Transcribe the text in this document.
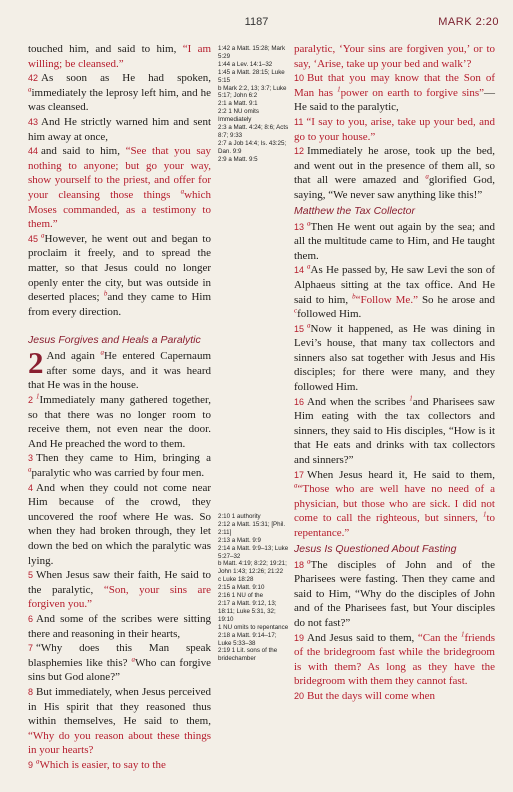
1187	MARK 2:20

touched him, and said to him, “I am willing; be cleansed.”

42 As soon as He had spoken, $^a$immediately the leprosy left him, and he was cleansed.

43 And He strictly warned him and sent him away at once,

44 and said to him, “See that you say nothing to anyone; but go your way, show yourself to the priest, and offer for your cleansing those things $^a$which Moses commanded, as a testimony to them.”

45 $^a$However, he went out and began to proclaim it freely, and to spread the matter, so that Jesus could no longer openly enter the city, but was outside in deserted places; $^b$and they came to Him from every direction.

Jesus Forgives and Heals a Paralytic

2 And again $^a$He entered Capernaum after some days, and it was heard that He was in the house.

2 $^1$Immediately many gathered together, so that there was no longer room to receive them, not even near the door. And He preached the word to them.

3 Then they came to Him, bringing a $^a$paralytic who was carried by four men.

4 And when they could not come near Him because of the crowd, they uncovered the roof where He was. So when they had broken through, they let down the bed on which the paralytic was lying.

5 When Jesus saw their faith, He said to the paralytic, “Son, your sins are forgiven you.”

6 And some of the scribes were sitting there and reasoning in their hearts,

7 “Why does this Man speak blasphemies like this? $^a$Who can forgive sins but God alone?”

8 But immediately, when Jesus perceived in His spirit that they reasoned thus within themselves, He said to them, “Why do you reason about these things in your hearts?

9 $^a$Which is easier, to say to the

1:42 a Matt. 15:28; Mark 5:29

1:44 a Lev. 14:1–32

1:45 a Matt. 28:15; Luke 5:15

b Mark 2:2, 13; 3:7; Luke 5:17; John 6:2

2:1 a Matt. 9:1

2:2 1 NU omits Immediately

2:3 a Matt. 4:24; 8:6; Acts 8:7; 9:33

2:7 a Job 14:4; Is. 43:25; Dan. 9:9

2:9 a Matt. 9:5

2:10 1 authority

2:12 a Matt. 15:31; [Phil. 2:11]

2:13 a Matt. 9:9

2:14 a Matt. 9:9–13; Luke 5:27–32

b Matt. 4:19; 8:22; 19:21; John 1:43; 12:26; 21:22

c Luke 18:28

2:15 a Matt. 9:10

2:16 1 NU of the

2:17 a Matt. 9:12, 13; 18:11; Luke 5:31, 32; 19:10

1 NU omits to repentance

2:18 a Matt. 9:14–17; Luke 5:33–38

2:19 1 Lit. sons of the bridechamber

paralytic, ‘Your sins are forgiven you,’ or to say, ‘Arise, take up your bed and walk’?

10 But that you may know that the Son of Man has $^1$power on earth to forgive sins”—He said to the paralytic,

11 “I say to you, arise, take up your bed, and go to your house.”

12 Immediately he arose, took up the bed, and went out in the presence of them all, so that all were amazed and $^a$glorified God, saying, “We never saw anything like this!”

Matthew the Tax Collector

13 $^a$Then He went out again by the sea; and all the multitude came to Him, and He taught them.

14 $^a$As He passed by, He saw Levi the son of Alphaeus sitting at the tax office. And He said to him, $^b$“Follow Me.” So he arose and $^c$followed Him.

15 $^a$Now it happened, as He was dining in Levi’s house, that many tax collectors and sinners also sat together with Jesus and His disciples; for there were many, and they followed Him.

16 And when the scribes $^1$and Pharisees saw Him eating with the tax collectors and sinners, they said to His disciples, “How is it that He eats and drinks with tax collectors and sinners?”

17 When Jesus heard it, He said to them, $^a$“Those who are well have no need of a physician, but those who are sick. I did not come to call the righteous, but sinners, $^1$to repentance.”

Jesus Is Questioned About Fasting

18 $^a$The disciples of John and of the Pharisees were fasting. Then they came and said to Him, “Why do the disciples of John and of the Pharisees fast, but Your disciples do not fast?”

19 And Jesus said to them, “Can the $^1$friends of the bridegroom fast while the bridegroom is with them? As long as they have the bridegroom with them they cannot fast.

20 But the days will come when
